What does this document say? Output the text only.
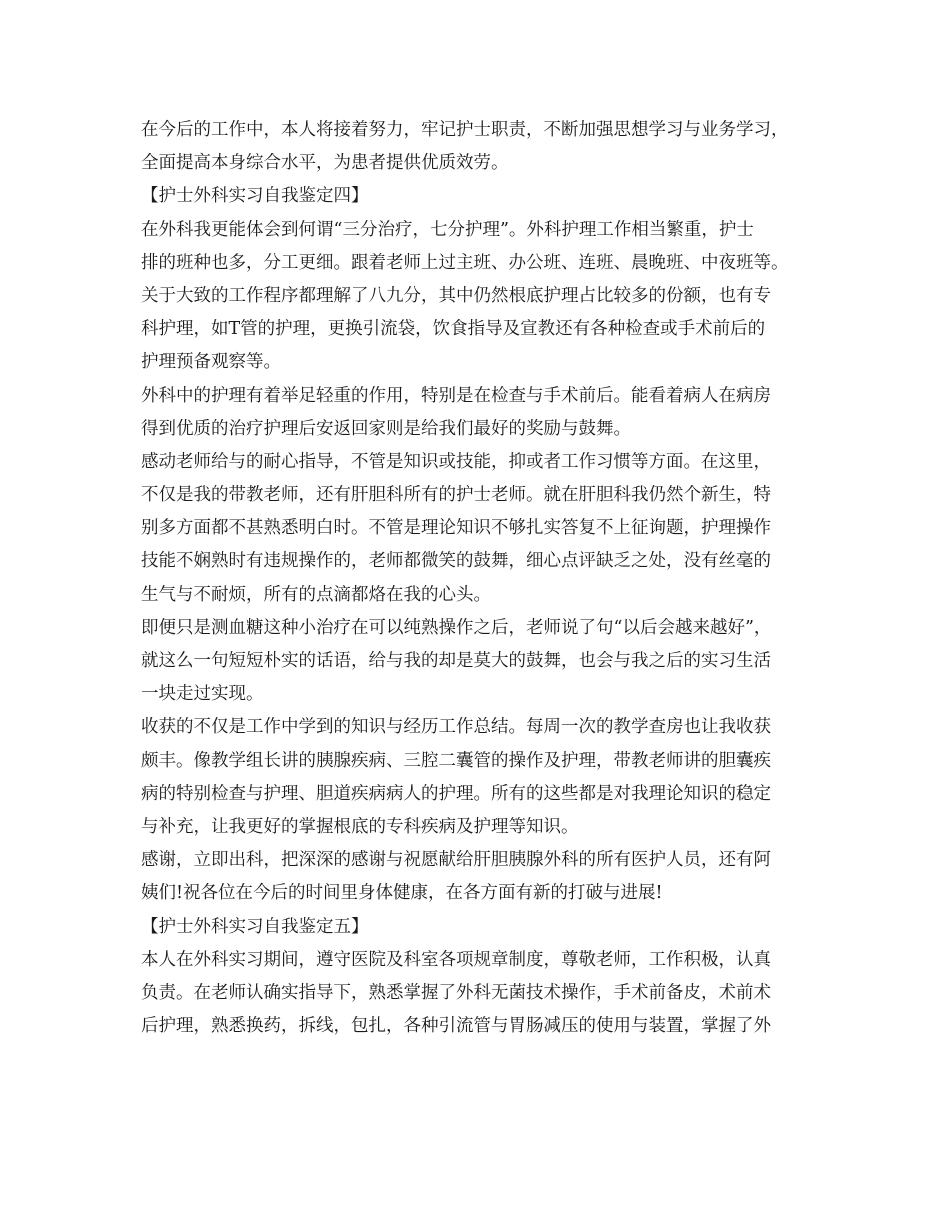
在今后的工作中，本人将接着努力，牢记护士职责，不断加强思想学习与业务学习，
全面提高本身综合水平，为患者提供优质效劳。
【护士外科实习自我鉴定四】
在外科我更能体会到何谓“三分治疗，七分护理”。外科护理工作相当繁重，护士
排的班种也多，分工更细。跟着老师上过主班、办公班、连班、晨晚班、中夜班等。
关于大致的工作程序都理解了八九分，其中仍然根底护理占比较多的份额，也有专
科护理，如T管的护理，更换引流袋，饮食指导及宣教还有各种检查或手术前后的
护理预备观察等。
外科中的护理有着举足轻重的作用，特别是在检查与手术前后。能看着病人在病房
得到优质的治疗护理后安返回家则是给我们最好的奖励与鼓舞。
感动老师给与的耐心指导，不管是知识或技能，抑或者工作习惯等方面。在这里，
不仅是我的带教老师，还有肝胆科所有的护士老师。就在肝胆科我仍然个新生，特
别多方面都不甚熟悉明白时。不管是理论知识不够扎实答复不上征询题，护理操作
技能不娴熟时有违规操作的，老师都微笑的鼓舞，细心点评缺乏之处，没有丝毫的
生气与不耐烦，所有的点滴都烙在我的心头。
即便只是测血糖这种小治疗在可以纯熟操作之后，老师说了句“以后会越来越好”，
就这么一句短短朴实的话语，给与我的却是莫大的鼓舞，也会与我之后的实习生活
一块走过实现。
收获的不仅是工作中学到的知识与经历工作总结。每周一次的教学查房也让我收获
颇丰。像教学组长讲的胰腺疾病、三腔二囊管的操作及护理，带教老师讲的胆囊疾
病的特别检查与护理、胆道疾病病人的护理。所有的这些都是对我理论知识的稳定
与补充，让我更好的掌握根底的专科疾病及护理等知识。
感谢，立即出科，把深深的感谢与祝愿献给肝胆胰腺外科的所有医护人员，还有阿
姨们!祝各位在今后的时间里身体健康，在各方面有新的打破与进展!
【护士外科实习自我鉴定五】
本人在外科实习期间，遵守医院及科室各项规章制度，尊敬老师，工作积极，认真
负责。在老师认确实指导下，熟悉掌握了外科无菌技术操作，手术前备皮，术前术
后护理，熟悉换药，拆线，包扎，各种引流管与胃肠减压的使用与装置，掌握了外
